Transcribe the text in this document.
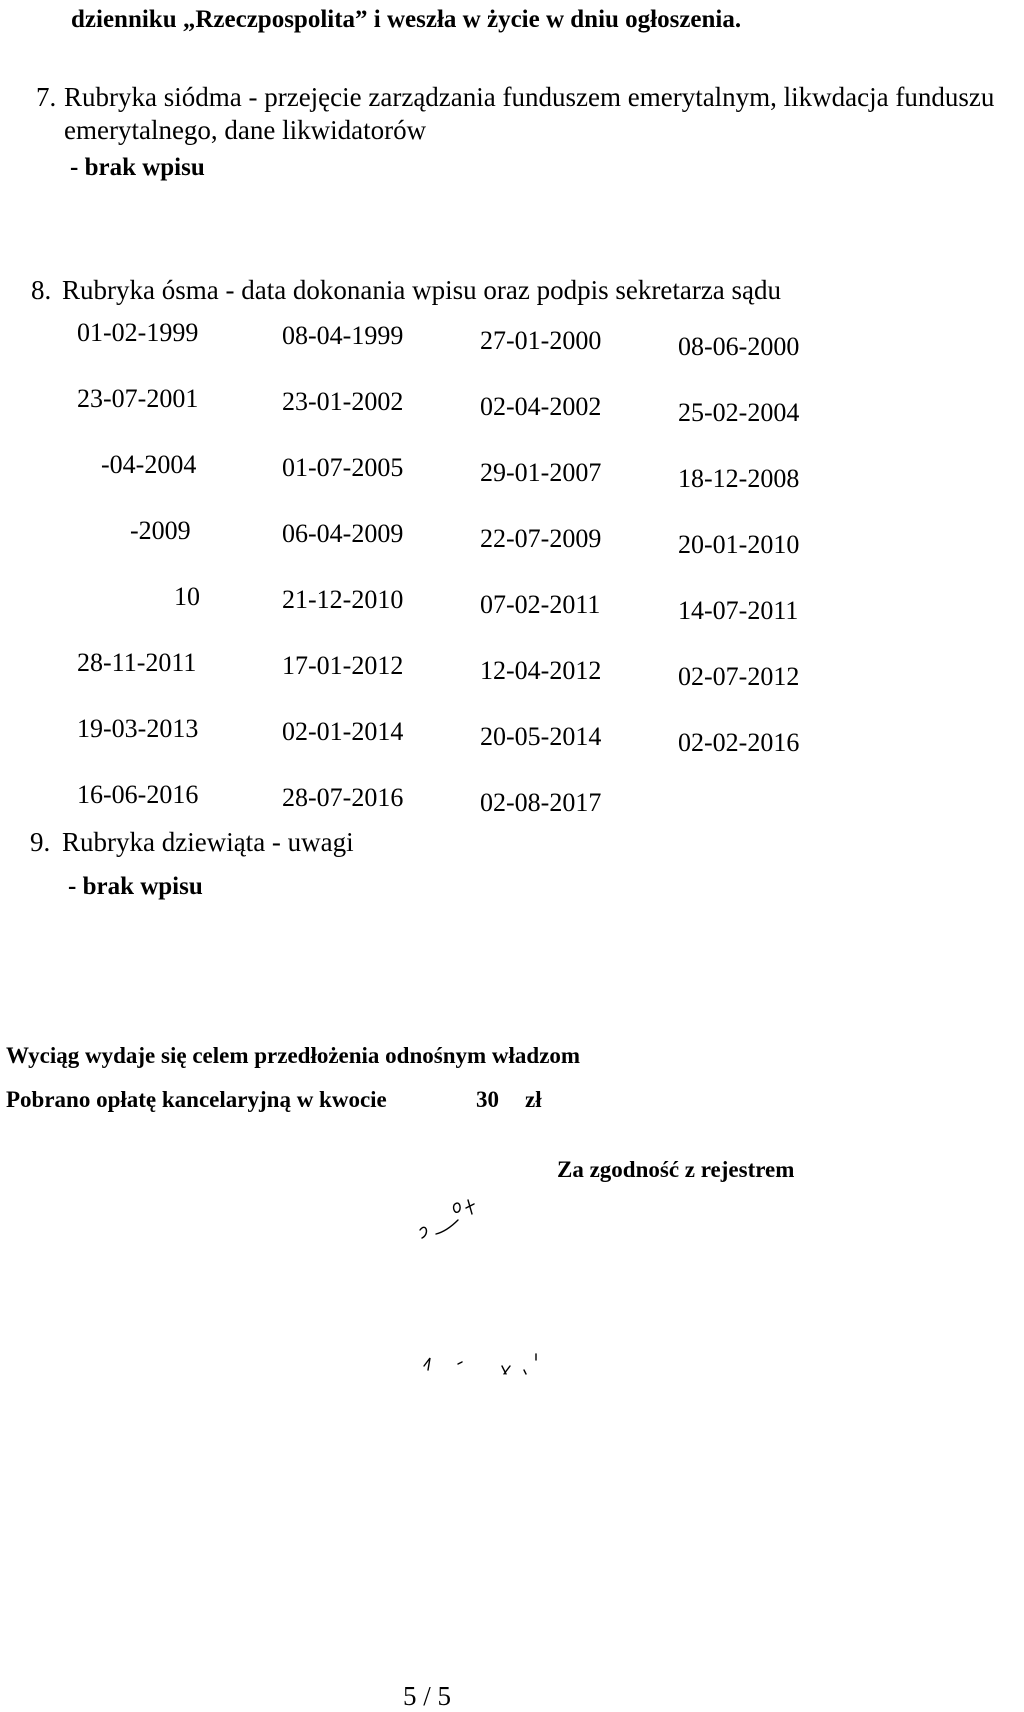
dzienniku „Rzeczpospolita” i weszła w życie w dniu ogłoszenia.
7. Rubryka siódma - przejęcie zarządzania funduszem emerytalnym, likwdacja funduszu
emerytalnego, dane likwidatorów
- brak wpisu
8. Rubryka ósma - data dokonania wpisu oraz podpis sekretarza sądu
01-02-1999	08-04-1999	27-01-2000	08-06-2000
23-07-2001	23-01-2002	02-04-2002	25-02-2004
-04-2004	01-07-2005	29-01-2007	18-12-2008
-2009	06-04-2009	22-07-2009	20-01-2010
10	21-12-2010	07-02-2011	14-07-2011
28-11-2011	17-01-2012	12-04-2012	02-07-2012
19-03-2013	02-01-2014	20-05-2014	02-02-2016
16-06-2016	28-07-2016	02-08-2017
9. Rubryka dziewiąta - uwagi
- brak wpisu
Wyciąg wydaje się celem przedłożenia odnośnym władzom
Pobrano opłatę kancelaryjną w kwocie	30 zł
Za zgodność z rejestrem
5 / 5
